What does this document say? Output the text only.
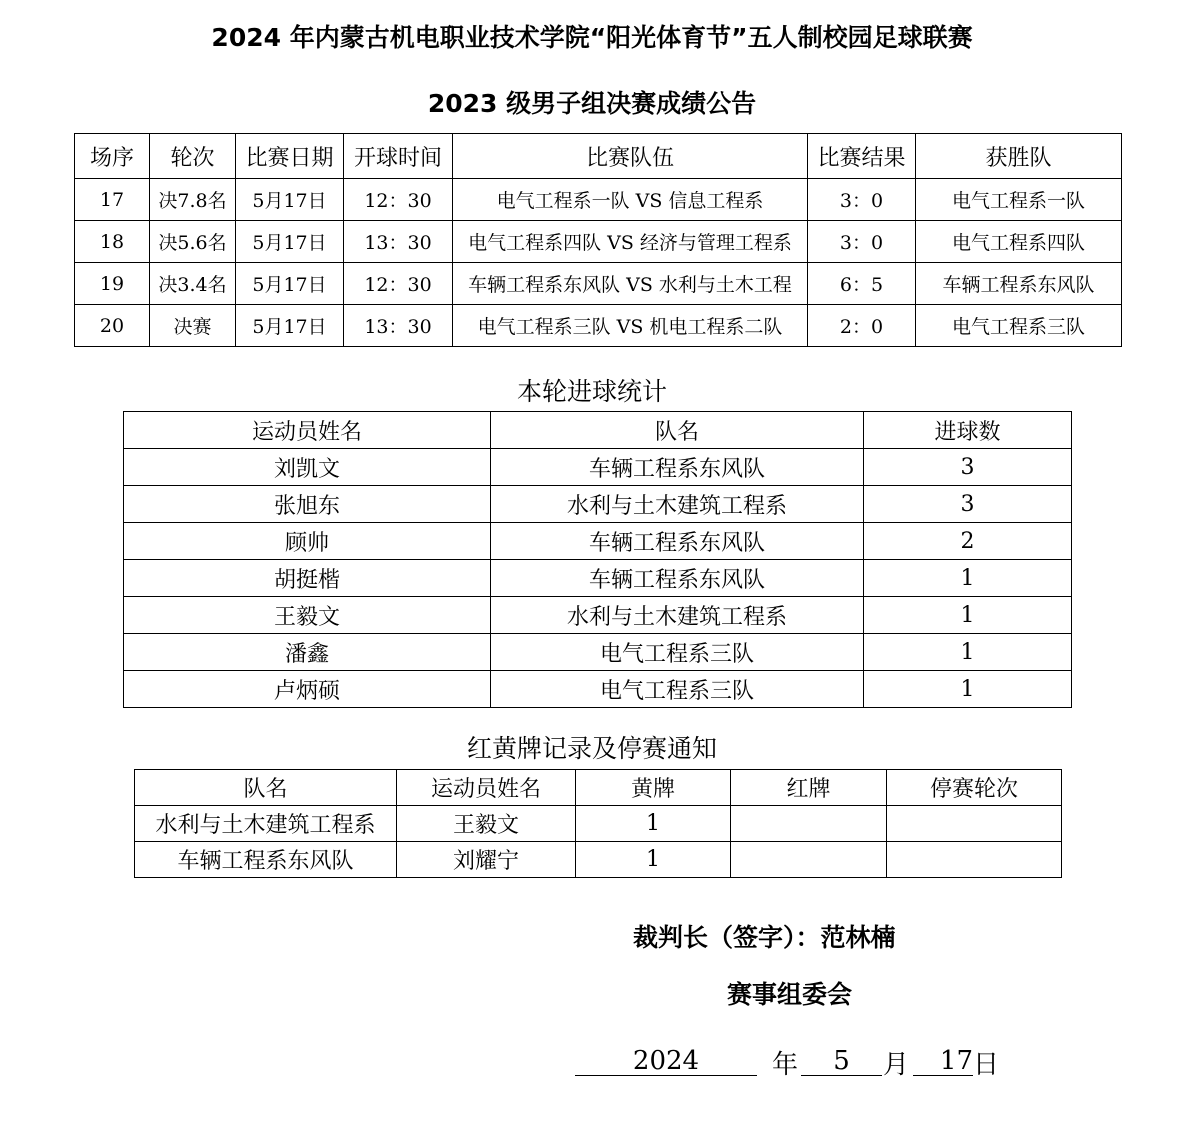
2024 年内蒙古机电职业技术学院“阳光体育节”五人制校园足球联赛
2023 级男子组决赛成绩公告
场序	轮次	比赛日期	开球时间	比赛队伍	比赛结果	获胜队
17	决7.8名	5月17日	12：30	电气工程系一队 VS 信息工程系	3：0	电气工程系一队
18	决5.6名	5月17日	13：30	电气工程系四队 VS 经济与管理工程系	3：0	电气工程系四队
19	决3.4名	5月17日	12：30	车辆工程系东风队 VS 水利与土木工程	6：5	车辆工程系东风队
20	决赛	5月17日	13：30	电气工程系三队 VS 机电工程系二队	2：0	电气工程系三队
本轮进球统计
运动员姓名	队名	进球数
刘凯文	车辆工程系东风队	3
张旭东	水利与土木建筑工程系	3
顾帅	车辆工程系东风队	2
胡挺楷	车辆工程系东风队	1
王毅文	水利与土木建筑工程系	1
潘鑫	电气工程系三队	1
卢炳硕	电气工程系三队	1
红黄牌记录及停赛通知
队名	运动员姓名	黄牌	红牌	停赛轮次
水利与土木建筑工程系	王毅文	1		
车辆工程系东风队	刘耀宁	1		
裁判长（签字）：范林楠
赛事组委会
2024	年	5	月	17 日
